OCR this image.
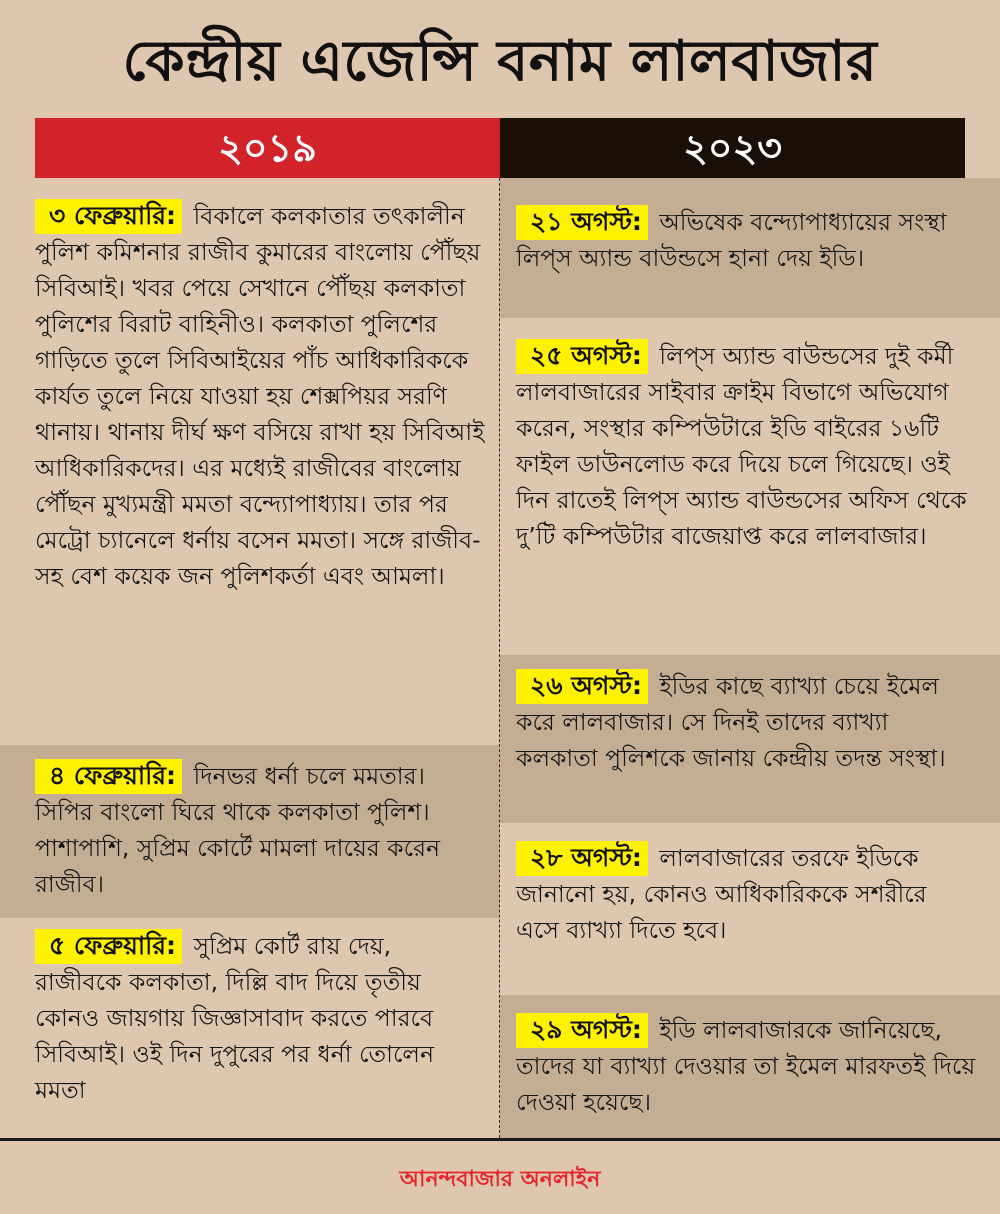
কেন্দ্রীয় এজেন্সি বনাম লালবাজার
২০১৯	২০২৩
৩ ফেব্রুয়ারি: বিকালে কলকাতার তৎকালীন পুলিশ কমিশনার রাজীব কুমারের বাংলোয় পৌঁছয় সিবিআই। খবর পেয়ে সেখানে পৌঁছয় কলকাতা পুলিশের বিরাট বাহিনীও। কলকাতা পুলিশের গাড়িতে তুলে সিবিআইয়ের পাঁচ আধিকারিককে কার্যত তুলে নিয়ে যাওয়া হয় শেক্সপিয়র সরণি থানায়। থানায় দীর্ঘ ক্ষণ বসিয়ে রাখা হয় সিবিআই আধিকারিকদের। এর মধ্যেই রাজীবের বাংলোয় পৌঁছন মুখ্যমন্ত্রী মমতা বন্দ্যোপাধ্যায়। তার পর মেট্রো চ্যানেলে ধর্নায় বসেন মমতা। সঙ্গে রাজীব-সহ বেশ কয়েক জন পুলিশকর্তা এবং আমলা।
৪ ফেব্রুয়ারি: দিনভর ধর্না চলে মমতার। সিপির বাংলো ঘিরে থাকে কলকাতা পুলিশ। পাশাপাশি, সুপ্রিম কোর্টে মামলা দায়ের করেন রাজীব।
৫ ফেব্রুয়ারি: সুপ্রিম কোর্ট রায় দেয়, রাজীবকে কলকাতা, দিল্লি বাদ দিয়ে তৃতীয় কোনও জায়গায় জিজ্ঞাসাবাদ করতে পারবে সিবিআই। ওই দিন দুপুরের পর ধর্না তোলেন মমতা
২১ অগস্ট: অভিষেক বন্দ্যোপাধ্যায়ের সংস্থা লিপ্‌স অ্যান্ড বাউন্ডসে হানা দেয় ইডি।
২৫ অগস্ট: লিপ্‌স অ্যান্ড বাউন্ডসের দুই কর্মী লালবাজারের সাইবার ক্রাইম বিভাগে অভিযোগ করেন, সংস্থার কম্পিউটারে ইডি বাইরের ১৬টি ফাইল ডাউনলোড করে দিয়ে চলে গিয়েছে। ওই দিন রাতেই লিপ্‌স অ্যান্ড বাউন্ডসের অফিস থেকে দু’টি কম্পিউটার বাজেয়াপ্ত করে লালবাজার।
২৬ অগস্ট: ইডির কাছে ব্যাখ্যা চেয়ে ইমেল করে লালবাজার। সে দিনই তাদের ব্যাখ্যা কলকাতা পুলিশকে জানায় কেন্দ্রীয় তদন্ত সংস্থা।
২৮ অগস্ট: লালবাজারের তরফে ইডিকে জানানো হয়, কোনও আধিকারিককে সশরীরে এসে ব্যাখ্যা দিতে হবে।
২৯ অগস্ট: ইডি লালবাজারকে জানিয়েছে, তাদের যা ব্যাখ্যা দেওয়ার তা ইমেল মারফতই দিয়ে দেওয়া হয়েছে।
আনন্দবাজার অনলাইন
